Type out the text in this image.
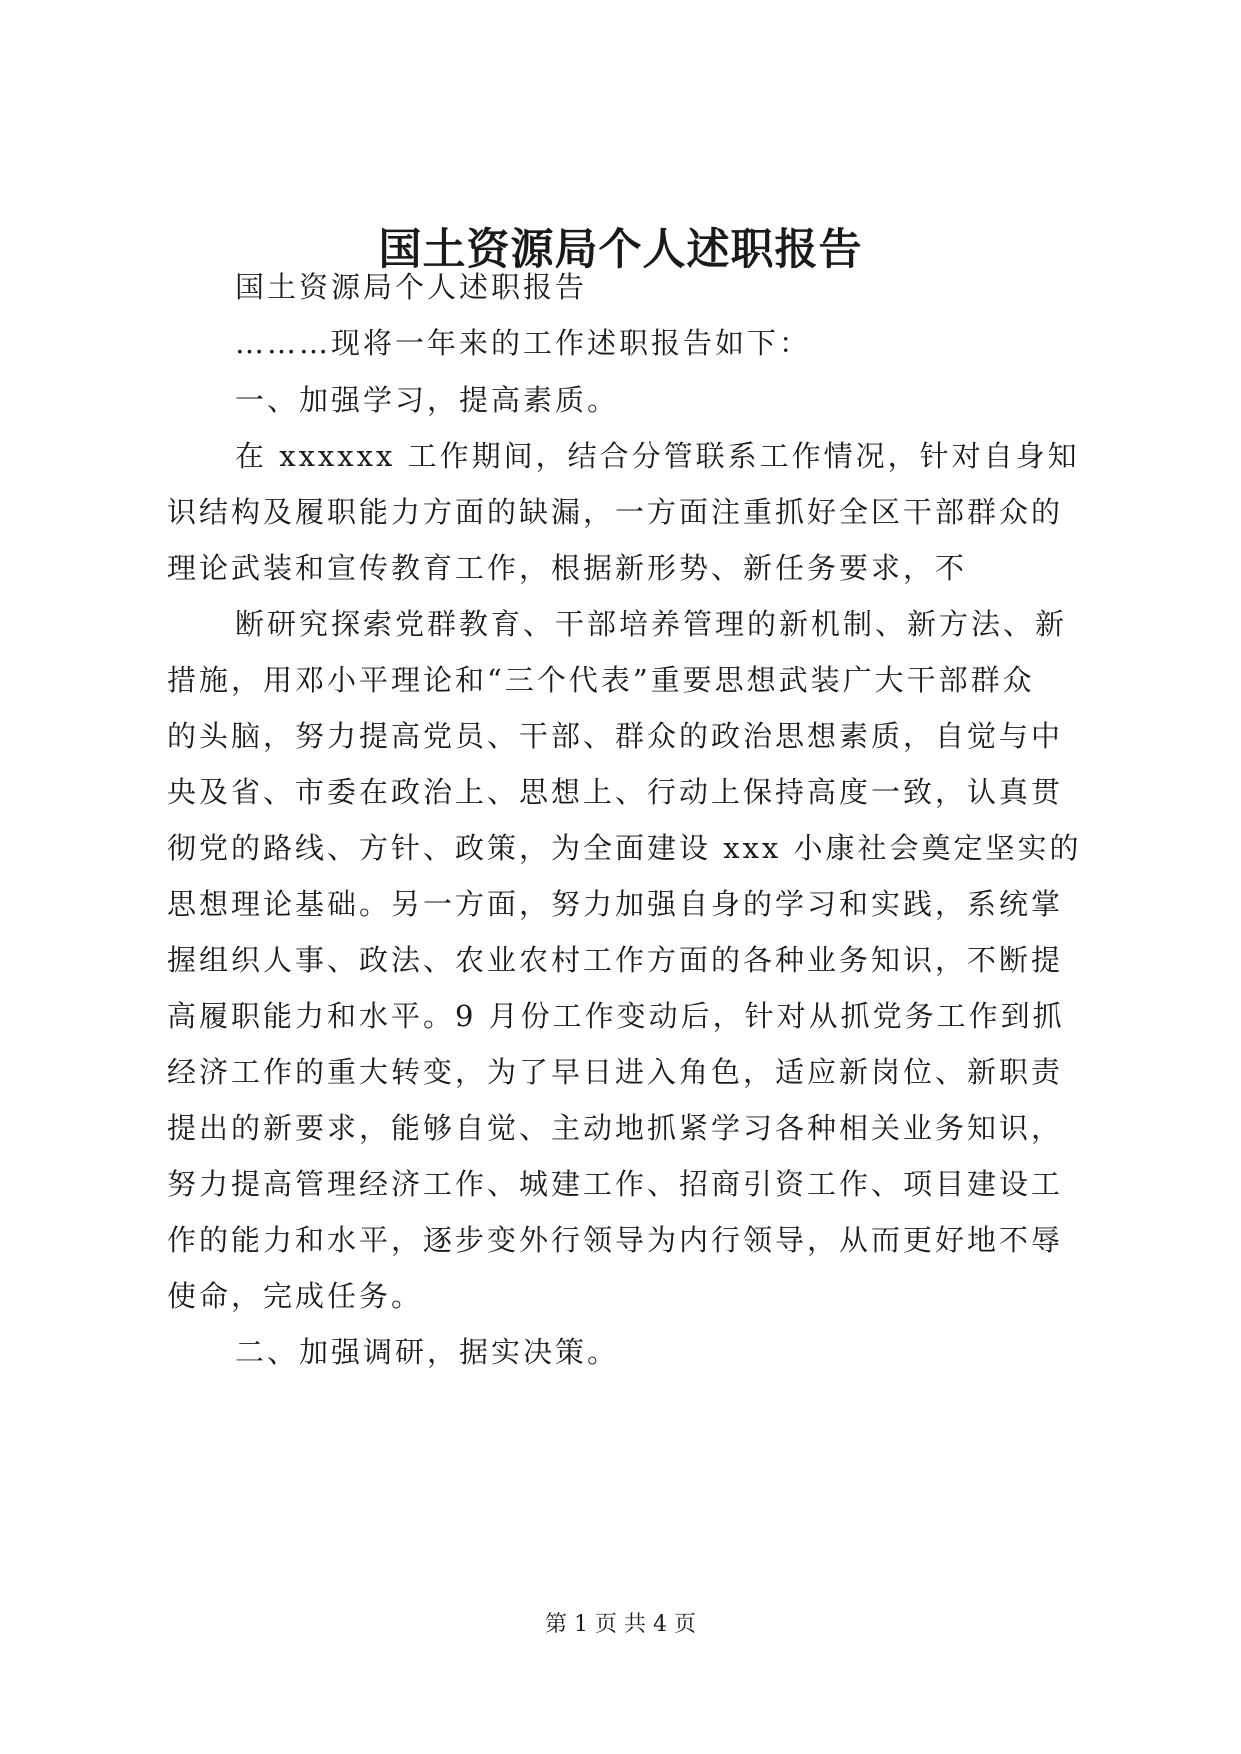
国土资源局个人述职报告
国土资源局个人述职报告
………现将一年来的工作述职报告如下：
一、加强学习，提高素质。
在 xxxxxx 工作期间，结合分管联系工作情况，针对自身知
识结构及履职能力方面的缺漏，一方面注重抓好全区干部群众的
理论武装和宣传教育工作，根据新形势、新任务要求，不
断研究探索党群教育、干部培养管理的新机制、新方法、新
措施，用邓小平理论和“三个代表”重要思想武装广大干部群众
的头脑，努力提高党员、干部、群众的政治思想素质，自觉与中
央及省、市委在政治上、思想上、行动上保持高度一致，认真贯
彻党的路线、方针、政策，为全面建设 xxx 小康社会奠定坚实的
思想理论基础。另一方面，努力加强自身的学习和实践，系统掌
握组织人事、政法、农业农村工作方面的各种业务知识，不断提
高履职能力和水平。9 月份工作变动后，针对从抓党务工作到抓
经济工作的重大转变，为了早日进入角色，适应新岗位、新职责
提出的新要求，能够自觉、主动地抓紧学习各种相关业务知识，
努力提高管理经济工作、城建工作、招商引资工作、项目建设工
作的能力和水平，逐步变外行领导为内行领导，从而更好地不辱
使命，完成任务。
二、加强调研，据实决策。
第 1 页 共 4 页
